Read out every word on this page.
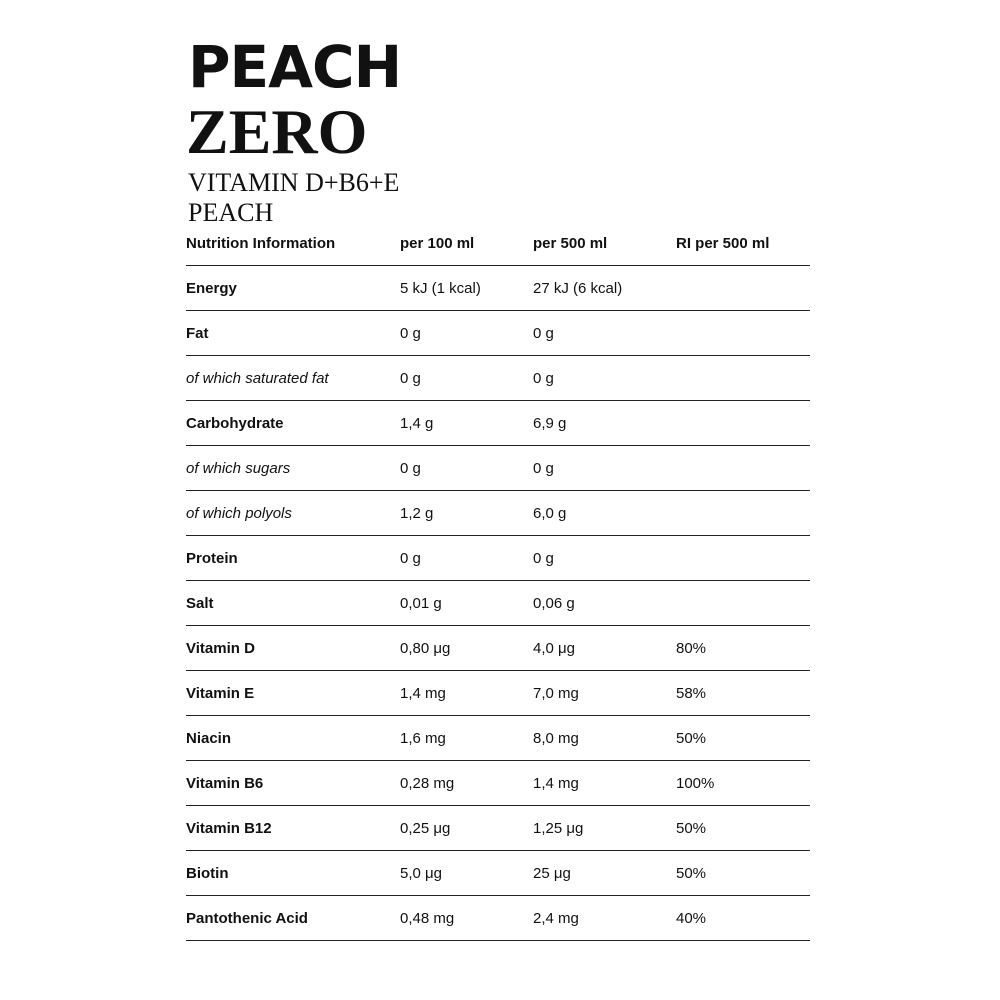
PEACH
ZERO

VITAMIN D+B6+E

PEACH

Nutrition Information	per 100 ml	per 500 ml	RI per 500 ml
Energy	5 kJ (1 kcal)	27 kJ (6 kcal)	
Fat	0 g	0 g	
of which saturated fat	0 g	0 g	
Carbohydrate	1,4 g	6,9 g	
of which sugars	0 g	0 g	
of which polyols	1,2 g	6,0 g	
Protein	0 g	0 g	
Salt	0,01 g	0,06 g	
Vitamin D	0,80 μg	4,0 μg	80%
Vitamin E	1,4 mg	7,0 mg	58%
Niacin	1,6 mg	8,0 mg	50%
Vitamin B6	0,28 mg	1,4 mg	100%
Vitamin B12	0,25 μg	1,25 μg	50%
Biotin	5,0 μg	25 μg	50%
Pantothenic Acid	0,48 mg	2,4 mg	40%
